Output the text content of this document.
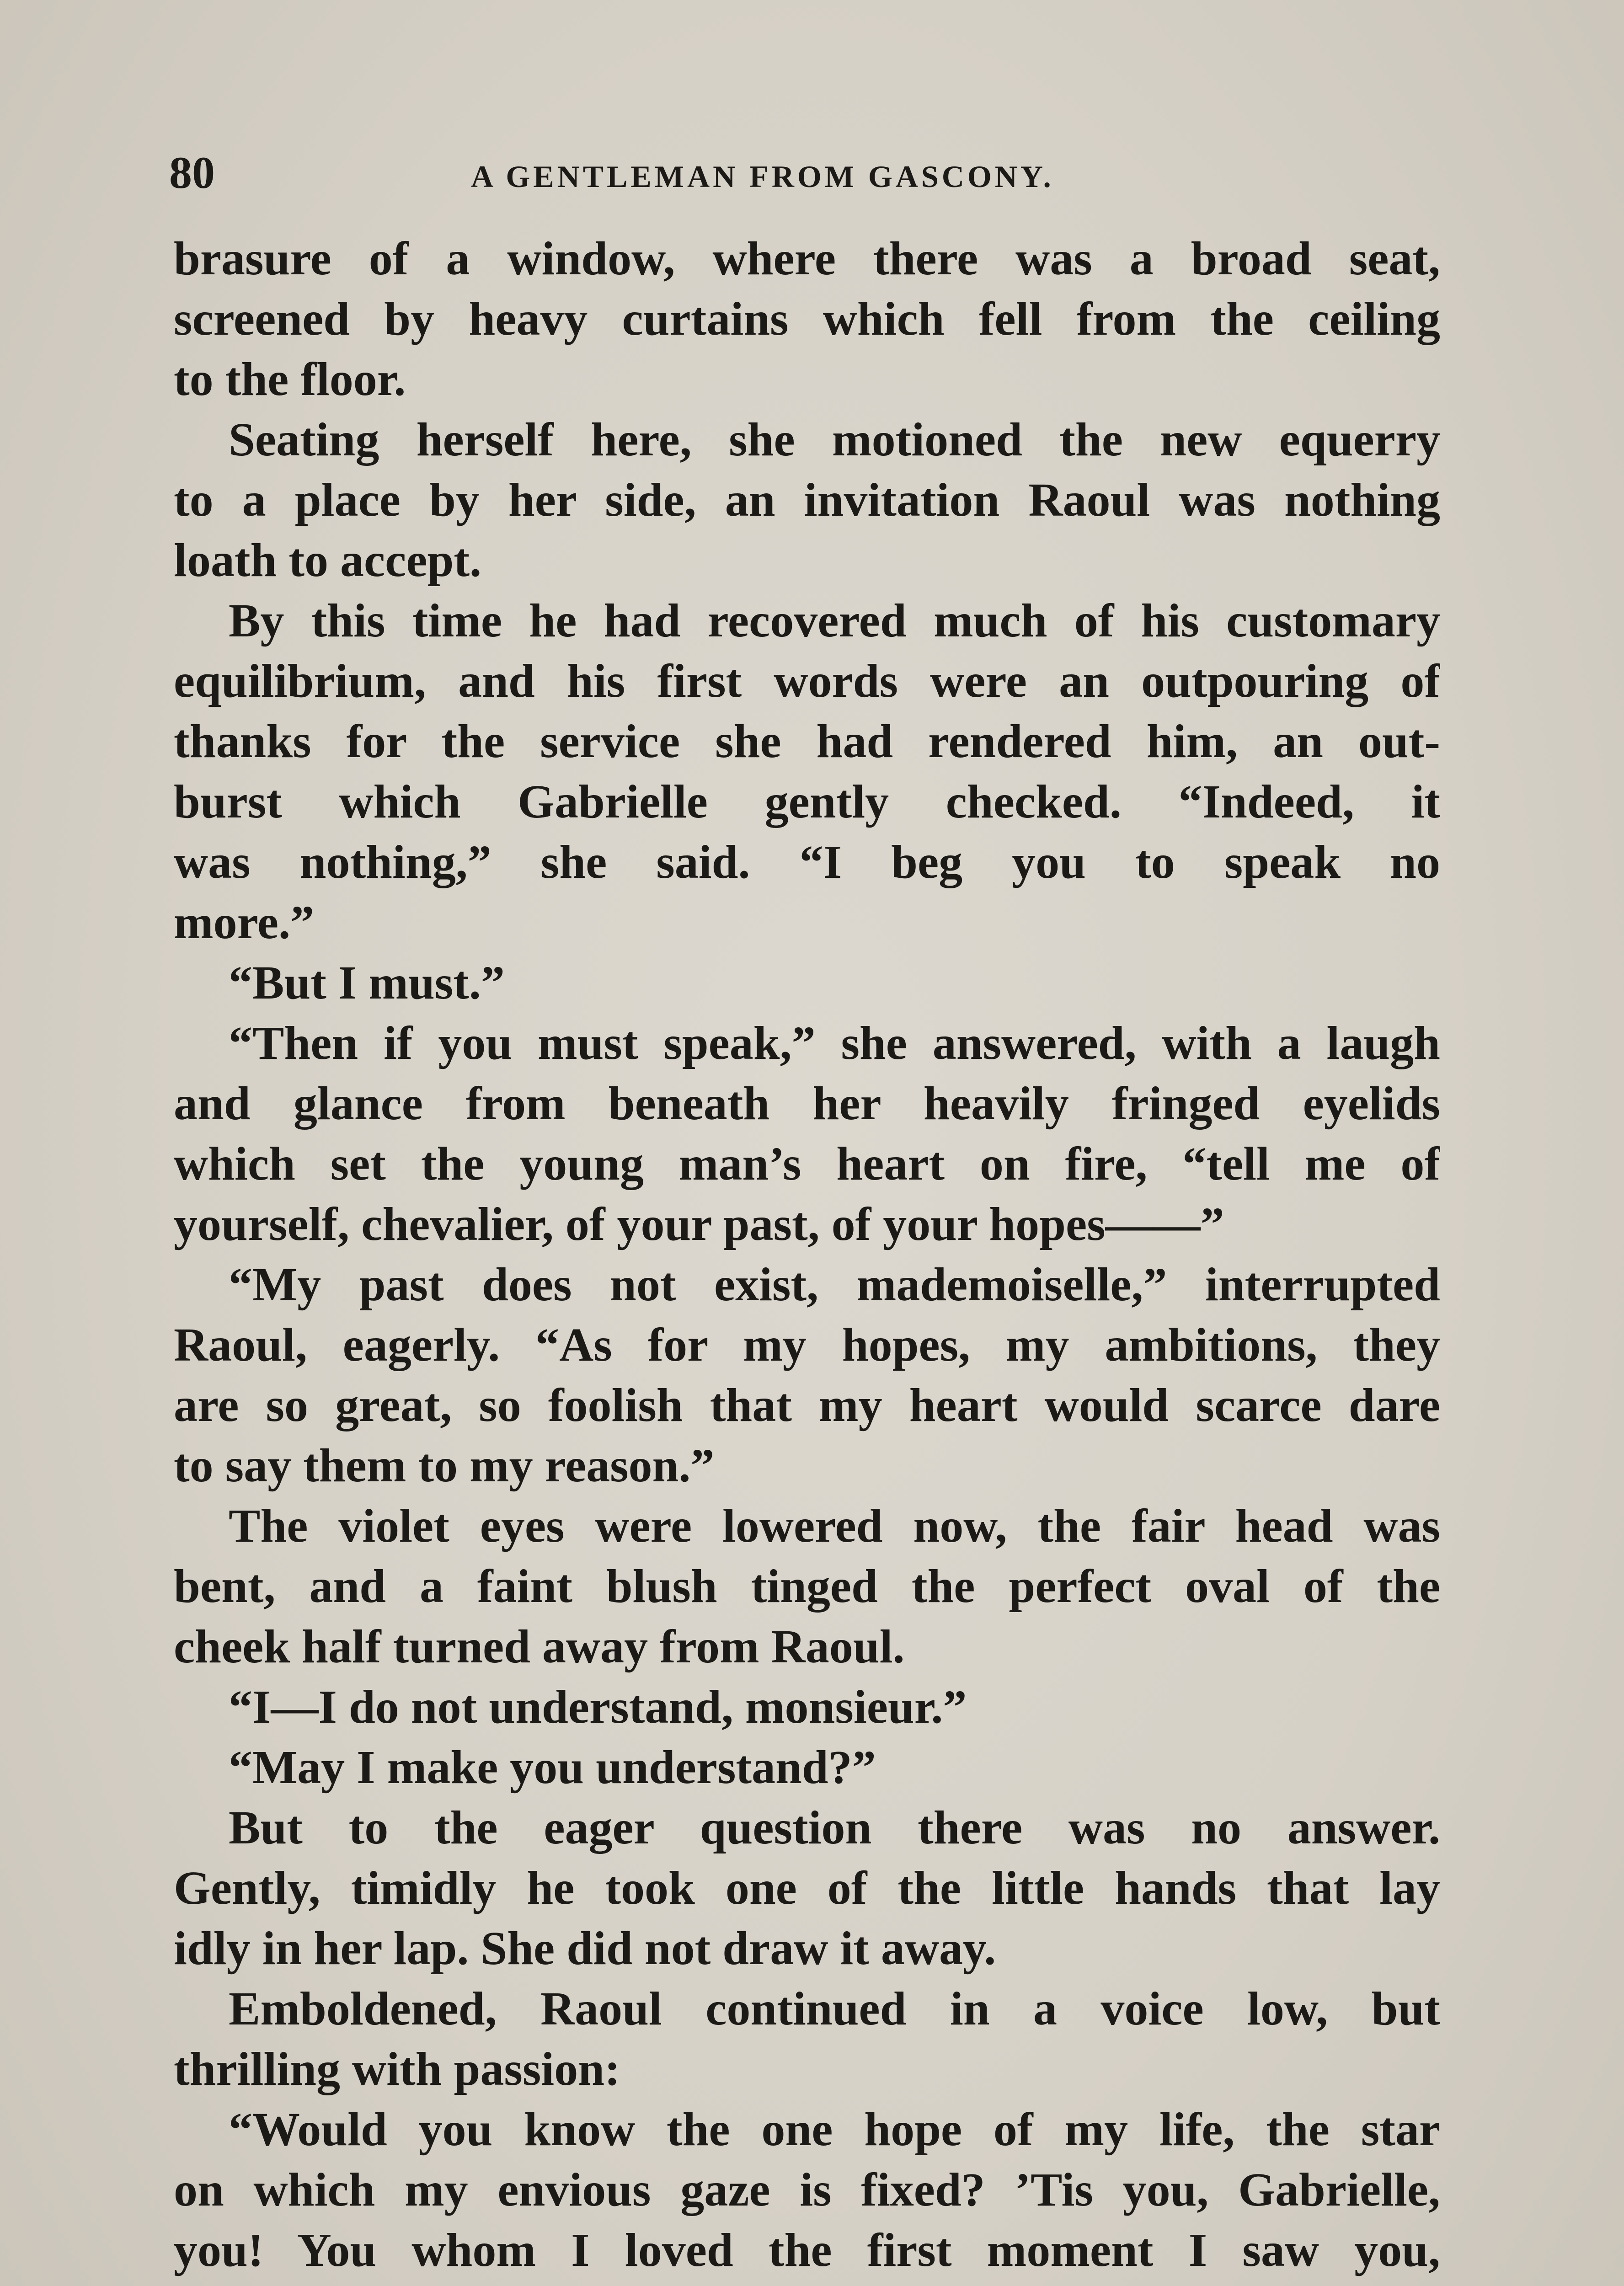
80	A GENTLEMAN FROM GASCONY.
brasure of a window, where there was a broad seat,
screened by heavy curtains which fell from the ceiling
to the floor.
Seating herself here, she motioned the new equerry
to a place by her side, an invitation Raoul was nothing
loath to accept.
By this time he had recovered much of his customary
equilibrium, and his first words were an outpouring of
thanks for the service she had rendered him, an out-
burst which Gabrielle gently checked. “Indeed, it
was nothing,” she said. “I beg you to speak no
more.”
“But I must.”
“Then if you must speak,” she answered, with a laugh
and glance from beneath her heavily fringed eyelids
which set the young man’s heart on fire, “tell me of
yourself, chevalier, of your past, of your hopes——”
“My past does not exist, mademoiselle,” interrupted
Raoul, eagerly. “As for my hopes, my ambitions, they
are so great, so foolish that my heart would scarce dare
to say them to my reason.”
The violet eyes were lowered now, the fair head was
bent, and a faint blush tinged the perfect oval of the
cheek half turned away from Raoul.
“I—I do not understand, monsieur.”
“May I make you understand?”
But to the eager question there was no answer.
Gently, timidly he took one of the little hands that lay
idly in her lap. She did not draw it away.
Emboldened, Raoul continued in a voice low, but
thrilling with passion:
“Would you know the one hope of my life, the star
on which my envious gaze is fixed? ’Tis you, Gabrielle,
you! You whom I loved the first moment I saw you,
